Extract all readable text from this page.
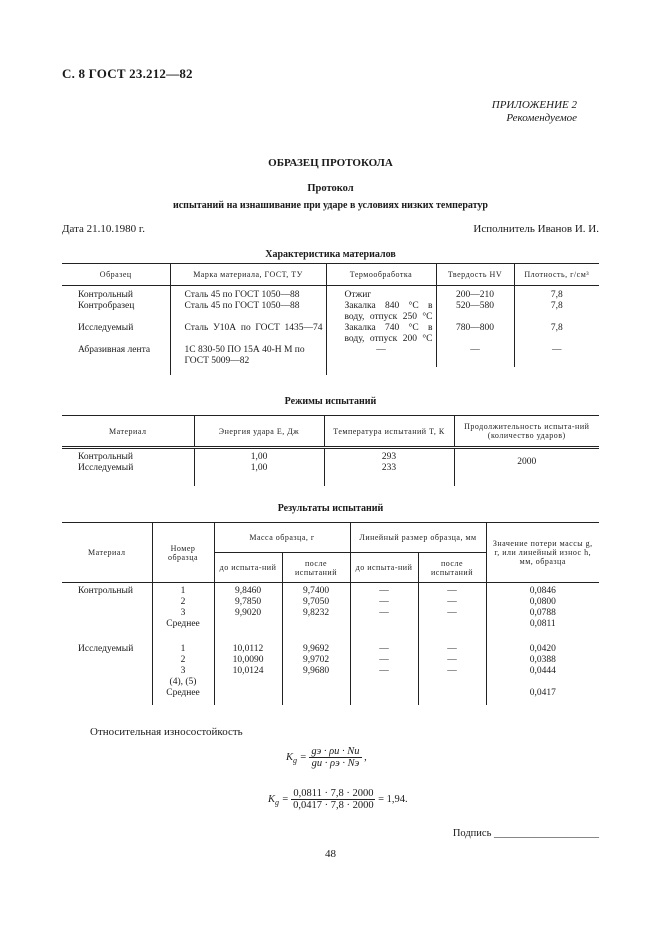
С. 8 ГОСТ 23.212—82
ПРИЛОЖЕНИЕ 2
Рекомендуемое
ОБРАЗЕЦ ПРОТОКОЛА
Протокол
испытаний на изнашивание при ударе в условиях низких температур
Дата 21.10.1980 г.	Исполнитель Иванов И. И.
Характеристика материалов
Образец	Марка материала, ГОСТ, ТУ	Термообработка	Твердость HV	Плотность, г/см³

Контрольный	Сталь 45 по ГОСТ 1050—88	Отжиг	200—210	7,8
Контробразец	Сталь 45 по ГОСТ 1050—88	Закалка 840 °С в воду, отпуск 250 °С	520—580	7,8
Исследуемый	Сталь У10А по ГОСТ 1435—74	Закалка 740 °С в воду, отпуск 200 °С	780—800	7,8
Абразивная лента	1С 830-50 ПО 15А 40-Н М по ГОСТ 5009—82	—	—	—

Режимы испытаний
Материал	Энергия удара E, Дж	Температура испытаний T, К	Продолжительность испыта-ний (количество ударов)

Контрольный	1,00	293	2000
Исследуемый	1,00	233	

Результаты испытаний
Материал	Номер образца	Масса образца, г		Линейный размер образца, мм		Значение потери массы g, г, или линейный износ h, мм, образца
		до испыта-ний	после испытаний	до испыта-ний	после испытаний	

Контрольный	1	9,8460	9,7400	—	—	0,0846
	2	9,7850	9,7050	—	—	0,0800
	3	9,9020	9,8232	—	—	0,0788
	Среднее					0,0811

Исследуемый	1	10,0112	9,9692	—	—	0,0420
	2	10,0090	9,9702	—	—	0,0388
	3	10,0124	9,9680	—	—	0,0444
	(4), (5)					
	Среднее					0,0417

Относительная износостойкость
$K_g = \frac{gэ \cdot \rho и \cdot Nи}{gи \cdot \rho э \cdot Nэ}$ ,
$K_g = \frac{0,0811 \cdot 7,8 \cdot 2000}{0,0417 \cdot 7,8 \cdot 2000} = 1,94$.
Подпись ____________________
48
